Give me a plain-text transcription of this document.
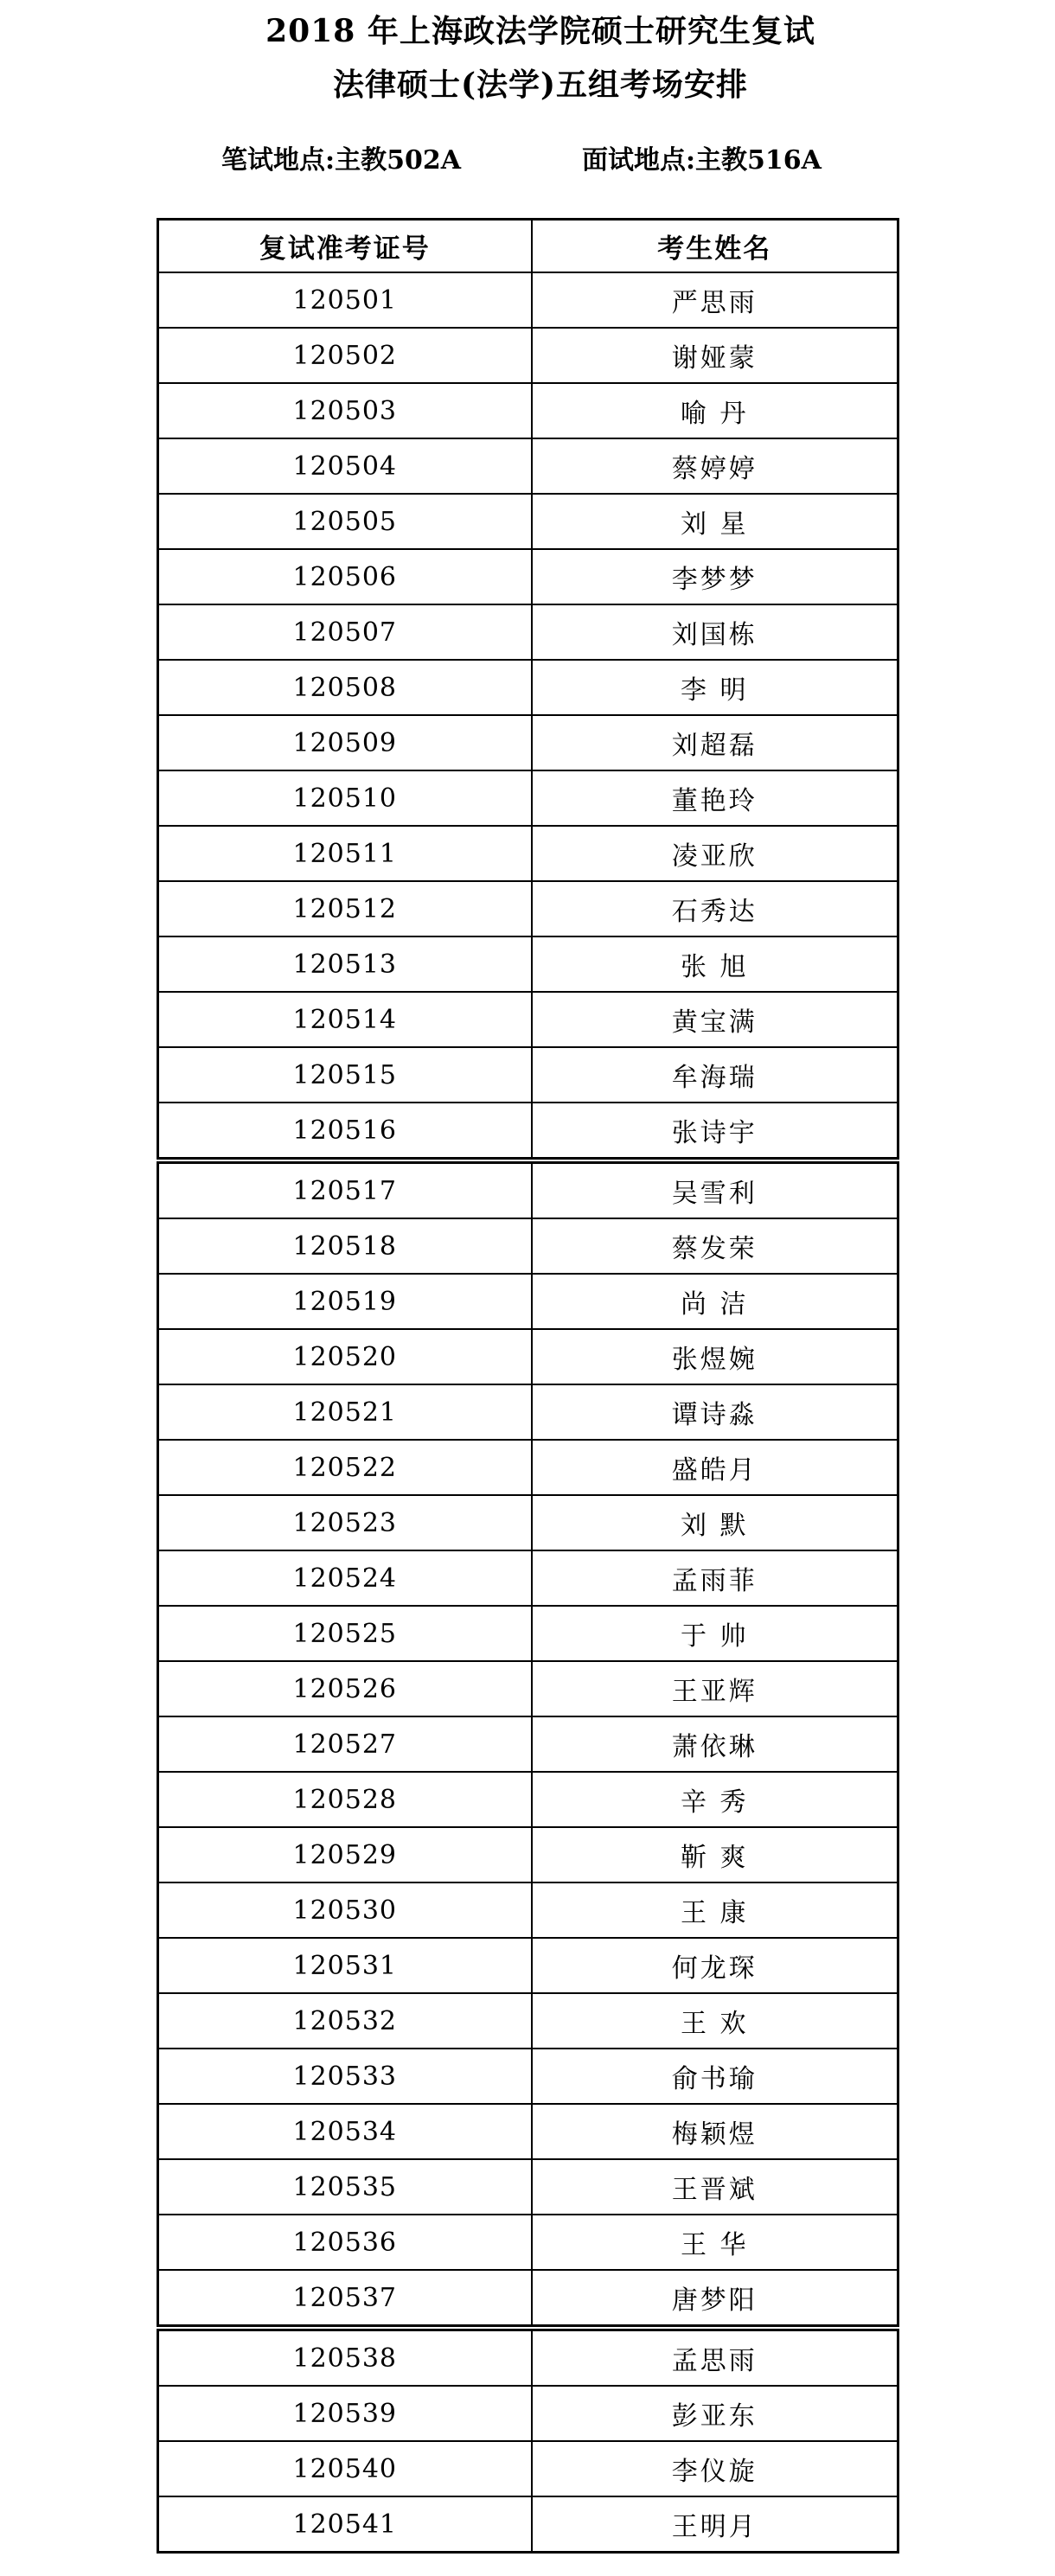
2018 年上海政法学院硕士研究生复试
法律硕士(法学)五组考场安排
笔试地点:主教502A	面试地点:主教516A
复试准考证号	考生姓名
120501	严思雨
120502	谢娅蒙
120503	喻 丹
120504	蔡婷婷
120505	刘 星
120506	李梦梦
120507	刘国栋
120508	李 明
120509	刘超磊
120510	董艳玲
120511	凌亚欣
120512	石秀达
120513	张 旭
120514	黄宝满
120515	牟海瑞
120516	张诗宇
120517	吴雪利
120518	蔡发荣
120519	尚 洁
120520	张煜婉
120521	谭诗淼
120522	盛皓月
120523	刘 默
120524	孟雨菲
120525	于 帅
120526	王亚辉
120527	萧依琳
120528	辛 秀
120529	靳 爽
120530	王 康
120531	何龙琛
120532	王 欢
120533	俞书瑜
120534	梅颖煜
120535	王晋斌
120536	王 华
120537	唐梦阳
120538	孟思雨
120539	彭亚东
120540	李仪旋
120541	王明月
